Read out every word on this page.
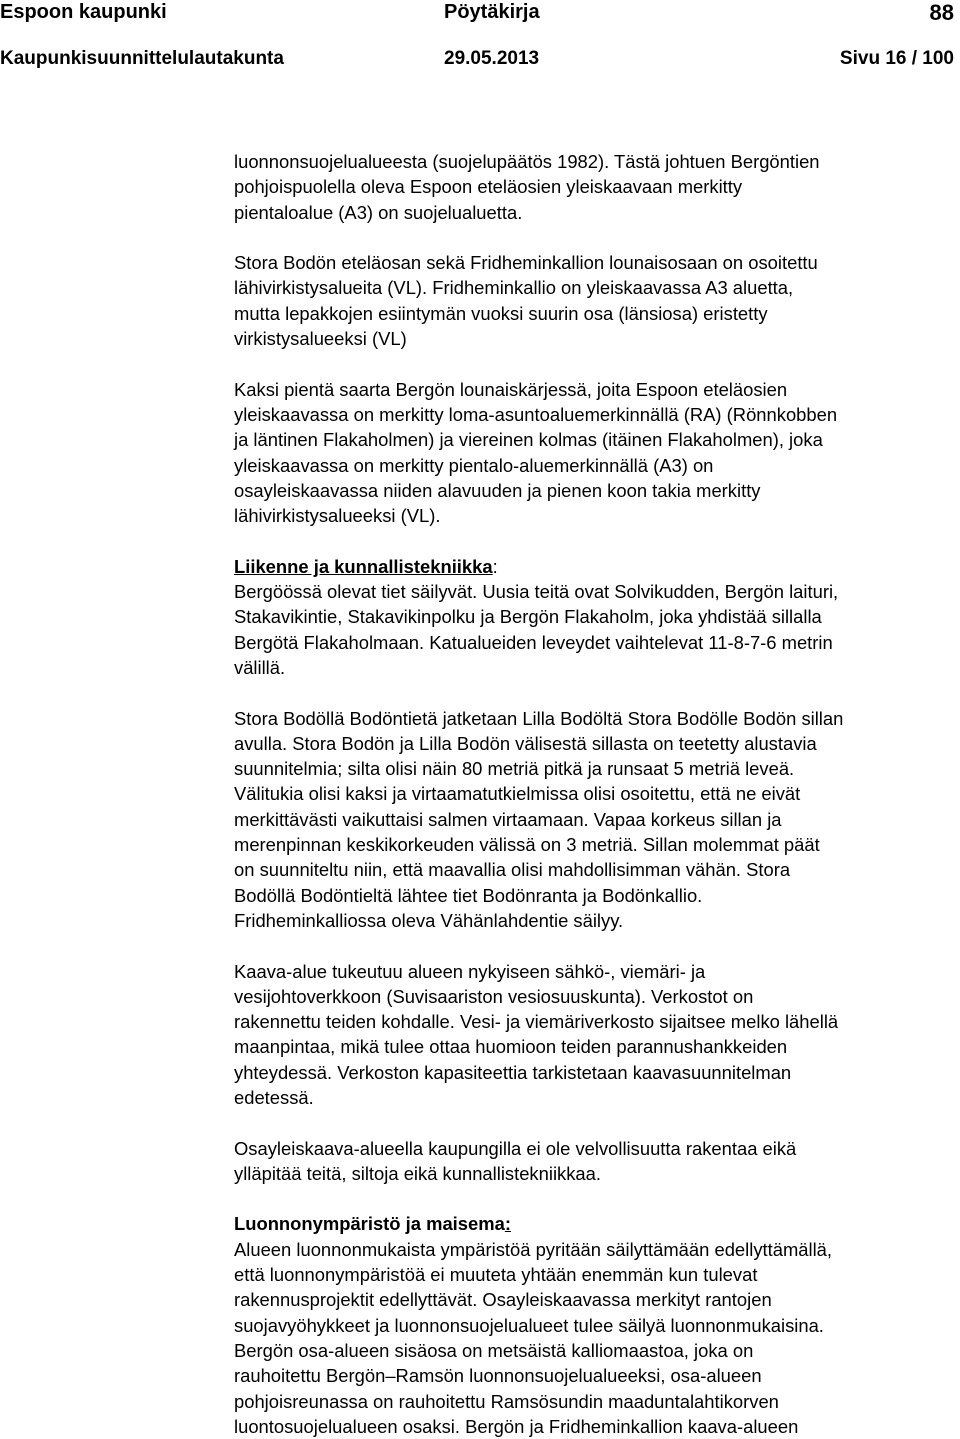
Espoon kaupunki	Pöytäkirja	88
Kaupunkisuunnittelulautakunta	29.05.2013	Sivu 16 / 100

luonnonsuojelualueesta (suojelupäätös 1982). Tästä johtuen Bergöntien
pohjoispuolella oleva Espoon eteläosien yleiskaavaan merkitty
pientaloalue (A3) on suojelualuetta.

Stora Bodön eteläosan sekä Fridheminkallion lounaisosaan on osoitettu
lähivirkistysalueita (VL). Fridheminkallio on yleiskaavassa A3 aluetta,
mutta lepakkojen esiintymän vuoksi suurin osa (länsiosa) eristetty
virkistysalueeksi (VL)

Kaksi pientä saarta Bergön lounaiskärjessä, joita Espoon eteläosien
yleiskaavassa on merkitty loma-asuntoaluemerkinnällä (RA) (Rönnkobben
ja läntinen Flakaholmen) ja viereinen kolmas (itäinen Flakaholmen), joka
yleiskaavassa on merkitty pientalo-aluemerkinnällä (A3) on
osayleiskaavassa niiden alavuuden ja pienen koon takia merkitty
lähivirkistysalueeksi (VL).

Liikenne ja kunnallistekniikka:
Bergöössä olevat tiet säilyvät. Uusia teitä ovat Solvikudden, Bergön laituri,
Stakavikintie, Stakavikinpolku ja Bergön Flakaholm, joka yhdistää sillalla
Bergötä Flakaholmaan. Katualueiden leveydet vaihtelevat 11-8-7-6 metrin
välillä.

Stora Bodöllä Bodöntietä jatketaan Lilla Bodöltä Stora Bodölle Bodön sillan
avulla. Stora Bodön ja Lilla Bodön välisestä sillasta on teetetty alustavia
suunnitelmia; silta olisi näin 80 metriä pitkä ja runsaat 5 metriä leveä.
Välitukia olisi kaksi ja virtaamatutkielmissa olisi osoitettu, että ne eivät
merkittävästi vaikuttaisi salmen virtaamaan. Vapaa korkeus sillan ja
merenpinnan keskikorkeuden välissä on 3 metriä. Sillan molemmat päät
on suunniteltu niin, että maavallia olisi mahdollisimman vähän. Stora
Bodöllä Bodöntieltä lähtee tiet Bodönranta ja Bodönkallio.
Fridheminkalliossa oleva Vähänlahdentie säilyy.

Kaava-alue tukeutuu alueen nykyiseen sähkö-, viemäri- ja
vesijohtoverkkoon (Suvisaariston vesiosuuskunta). Verkostot on
rakennettu teiden kohdalle. Vesi- ja viemäriverkosto sijaitsee melko lähellä
maanpintaa, mikä tulee ottaa huomioon teiden parannushankkeiden
yhteydessä. Verkoston kapasiteettia tarkistetaan kaavasuunnitelman
edetessä.

Osayleiskaava-alueella kaupungilla ei ole velvollisuutta rakentaa eikä
ylläpitää teitä, siltoja eikä kunnallistekniikkaa.

Luonnonympäristö ja maisema:
Alueen luonnonmukaista ympäristöä pyritään säilyttämään edellyttämällä,
että luonnonympäristöä ei muuteta yhtään enemmän kun tulevat
rakennusprojektit edellyttävät. Osayleiskaavassa merkityt rantojen
suojavyöhykkeet ja luonnonsuojelualueet tulee säilyä luonnonmukaisina.
Bergön osa-alueen sisäosa on metsäistä kalliomaastoa, joka on
rauhoitettu Bergön–Ramsön luonnonsuojelualueeksi, osa-alueen
pohjoisreunassa on rauhoitettu Ramsösundin maaduntalahtikorven
luontosuojelualueen osaksi. Bergön ja Fridheminkallion kaava-alueen
